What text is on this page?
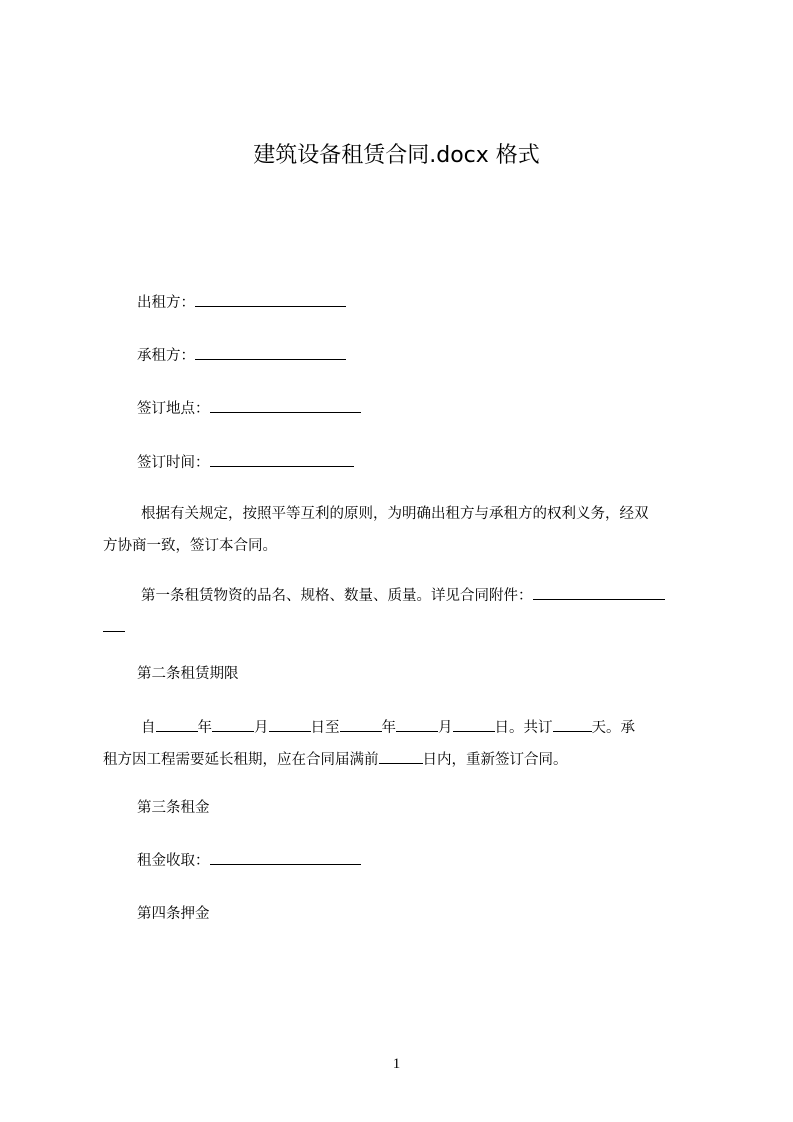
建筑设备租赁合同.docx 格式
出租方：
承租方：
签订地点：
签订时间：
根据有关规定，按照平等互利的原则，为明确出租方与承租方的权利义务，经双
方协商一致，签订本合同。
第一条租赁物资的品名、规格、数量、质量。详见合同附件：
第二条租赁期限
自	年	月	日至	年	月	日。共订	天。承
租方因工程需要延长租期，应在合同届满前	日内，重新签订合同。
第三条租金
租金收取：
第四条押金
1
